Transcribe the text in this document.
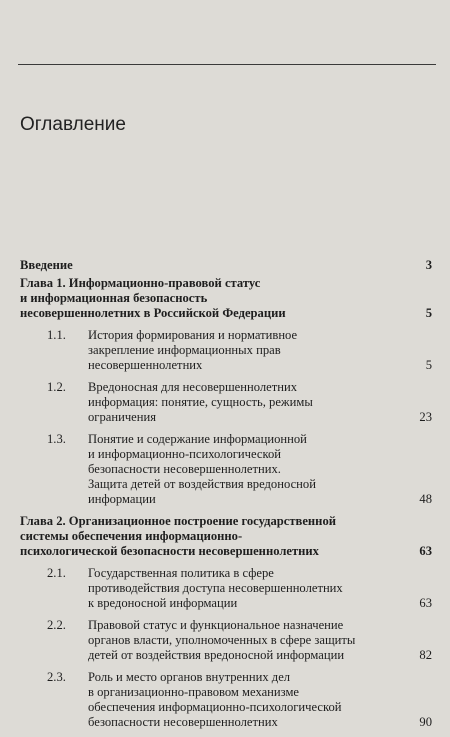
Оглавление
Введение	3
Глава 1. Информационно-правовой статус
и информационная безопасность
несовершеннолетних в Российской Федерации	5
1.1. История формирования и нормативное
закрепление информационных прав
несовершеннолетних	5
1.2. Вредоносная для несовершеннолетних
информация: понятие, сущность, режимы
ограничения	23
1.3. Понятие и содержание информационной
и информационно-психологической
безопасности несовершеннолетних.
Защита детей от воздействия вредоносной
информации	48
Глава 2. Организационное построение государственной
системы обеспечения информационно-
психологической безопасности несовершеннолетних	63
2.1. Государственная политика в сфере
противодействия доступа несовершеннолетних
к вредоносной информации	63
2.2. Правовой статус и функциональное назначение
органов власти, уполномоченных в сфере защиты
детей от воздействия вредоносной информации	82
2.3. Роль и место органов внутренних дел
в организационно-правовом механизме
обеспечения информационно-психологической
безопасности несовершеннолетних	90
